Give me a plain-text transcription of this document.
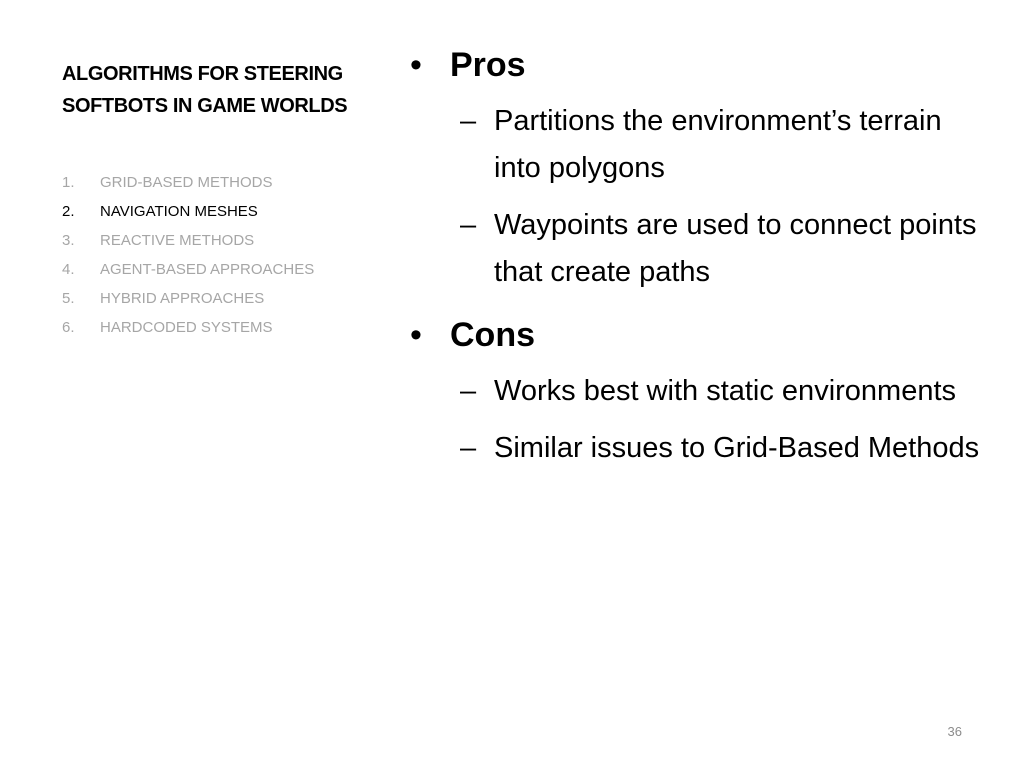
ALGORITHMS FOR STEERING SOFTBOTS IN GAME WORLDS
1.	GRID-BASED METHODS
2.	NAVIGATION MESHES
3.	REACTIVE METHODS
4.	AGENT-BASED APPROACHES
5.	HYBRID APPROACHES
6.	HARDCODED SYSTEMS
• Pros
– Partitions the environment’s terrain into polygons
– Waypoints are used to connect points that create paths
• Cons
– Works best with static environments
– Similar issues to Grid-Based Methods
36
